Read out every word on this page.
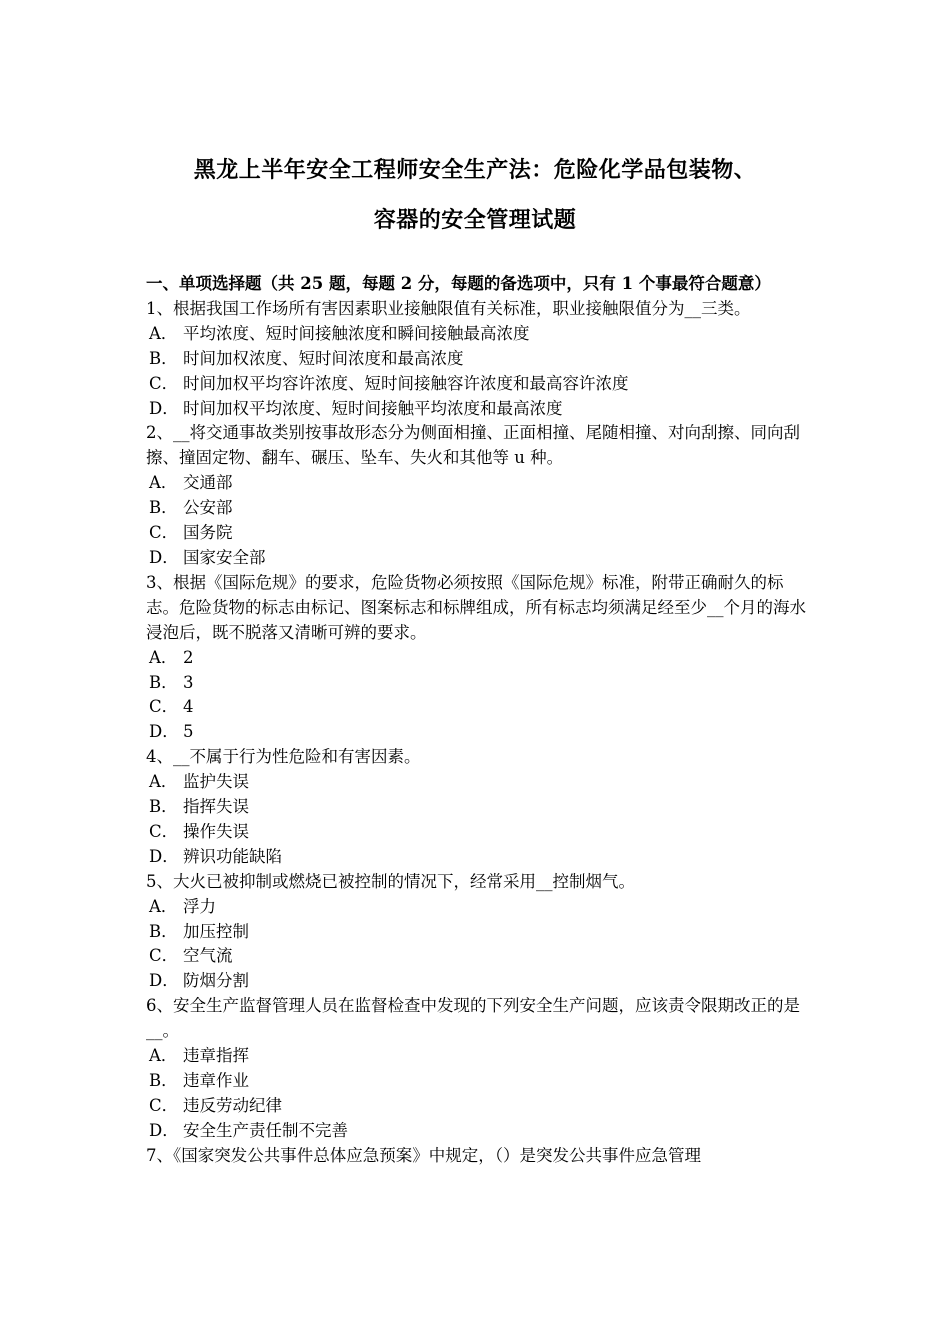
黑龙上半年安全工程师安全生产法：危险化学品包装物、
容器的安全管理试题

一、单项选择题（共 25 题，每题 2 分，每题的备选项中，只有 1 个事最符合题意）

1、根据我国工作场所有害因素职业接触限值有关标准，职业接触限值分为__三类。

A． 平均浓度、短时间接触浓度和瞬间接触最高浓度
B． 时间加权浓度、短时间浓度和最高浓度
C． 时间加权平均容许浓度、短时间接触容许浓度和最高容许浓度
D． 时间加权平均浓度、短时间接触平均浓度和最高浓度

2、__将交通事故类别按事故形态分为侧面相撞、正面相撞、尾随相撞、对向刮擦、同向刮擦、撞固定物、翻车、碾压、坠车、失火和其他等 u 种。

A． 交通部
B． 公安部
C． 国务院
D． 国家安全部

3、根据《国际危规》的要求，危险货物必须按照《国际危规》标准，附带正确耐久的标志。危险货物的标志由标记、图案标志和标牌组成，所有标志均须满足经至少__个月的海水浸泡后，既不脱落又清晰可辨的要求。

A． 2
B． 3
C． 4
D． 5

4、__不属于行为性危险和有害因素。

A． 监护失误
B． 指挥失误
C． 操作失误
D． 辨识功能缺陷

5、大火已被抑制或燃烧已被控制的情况下，经常采用__控制烟气。

A． 浮力
B． 加压控制
C． 空气流
D． 防烟分割

6、安全生产监督管理人员在监督检查中发现的下列安全生产问题，应该责令限期改正的是__。

A． 违章指挥
B． 违章作业
C． 违反劳动纪律
D． 安全生产责任制不完善

7、《国家突发公共事件总体应急预案》中规定，（）是突发公共事件应急管理
